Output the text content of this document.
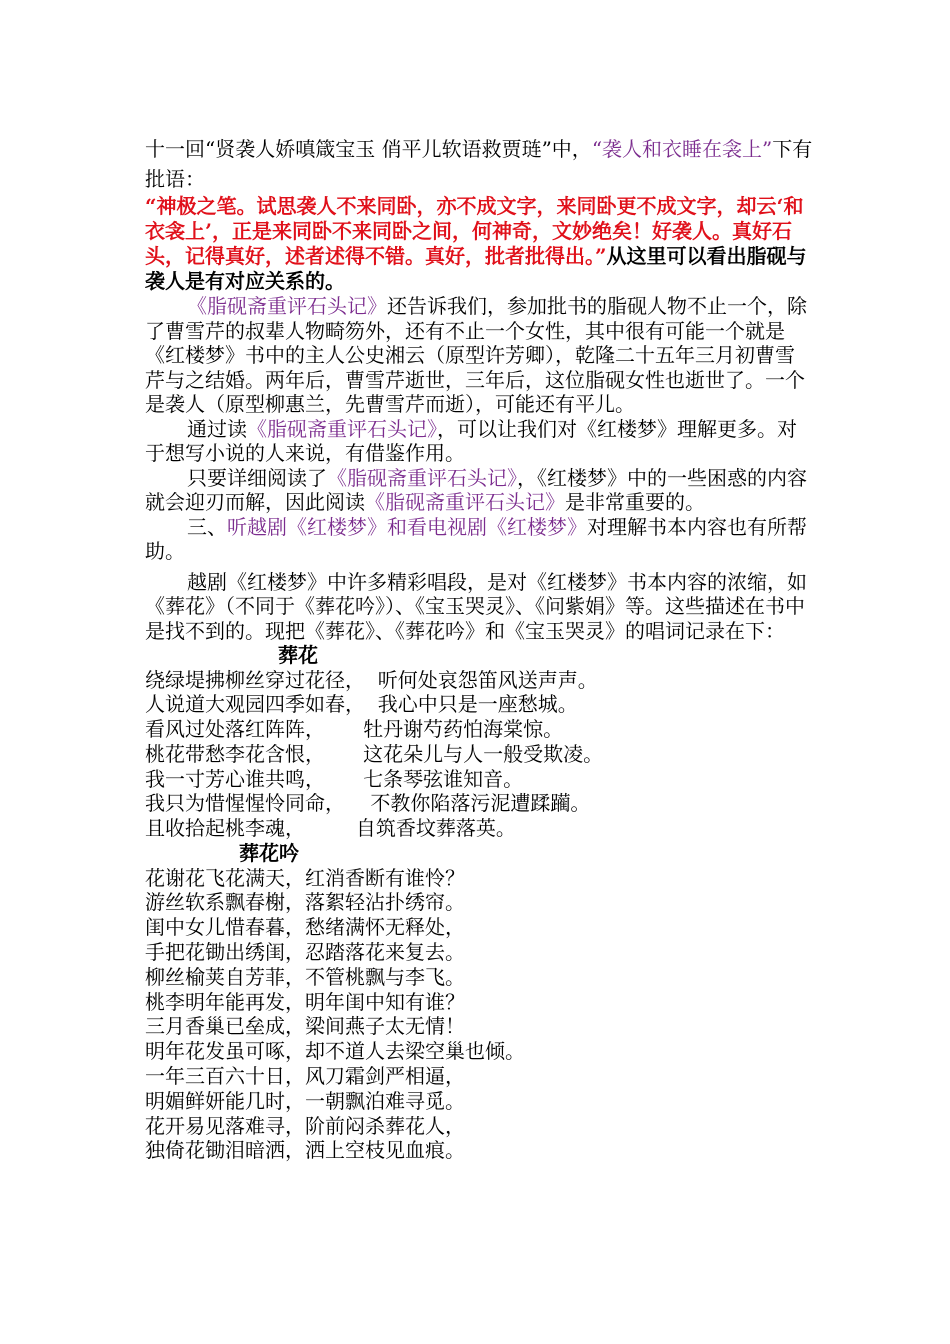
十一回“贤袭人娇嗔箴宝玉 俏平儿软语救贾琏”中，“袭人和衣睡在衾上”下有批语：

“神极之笔。试思袭人不来同卧，亦不成文字，来同卧更不成文字，却云‘和衣衾上’，正是来同卧不来同卧之间，何神奇，文妙绝矣！好袭人。真好石头，记得真好，述者述得不错。真好，批者批得出。”从这里可以看出脂砚与袭人是有对应关系的。

《脂砚斋重评石头记》还告诉我们，参加批书的脂砚人物不止一个，除了曹雪芹的叔辈人物畸笏外，还有不止一个女性，其中很有可能一个就是《红楼梦》书中的主人公史湘云（原型许芳卿），乾隆二十五年三月初曹雪芹与之结婚。两年后，曹雪芹逝世，三年后，这位脂砚女性也逝世了。一个是袭人（原型柳惠兰，先曹雪芹而逝），可能还有平儿。

通过读《脂砚斋重评石头记》，可以让我们对《红楼梦》理解更多。对于想写小说的人来说，有借鉴作用。

只要详细阅读了《脂砚斋重评石头记》，《红楼梦》中的一些困惑的内容就会迎刃而解，因此阅读《脂砚斋重评石头记》是非常重要的。

三、听越剧《红楼梦》和看电视剧《红楼梦》对理解书本内容也有所帮助。

越剧《红楼梦》中许多精彩唱段，是对《红楼梦》书本内容的浓缩，如《葬花》（不同于《葬花吟》）、《宝玉哭灵》、《问紫娟》等。这些描述在书中是找不到的。现把《葬花》、《葬花吟》和《宝玉哭灵》的唱词记录在下：

葬花

绕绿堤拂柳丝穿过花径，  听何处哀怨笛风送声声。

人说道大观园四季如春，  我心中只是一座愁城。

看风过处落红阵阵，      牡丹谢芍药怕海棠惊。

桃花带愁李花含恨，      这花朵儿与人一般受欺凌。

我一寸芳心谁共鸣，      七条琴弦谁知音。

我只为惜惺惺怜同命，    不教你陷落污泥遭蹂躏。

且收拾起桃李魂，        自筑香坟葬落英。

葬花吟

花谢花飞花满天，红消香断有谁怜？

游丝软系飘春榭，落絮轻沾扑绣帘。

闺中女儿惜春暮，愁绪满怀无释处，

手把花锄出绣闺，忍踏落花来复去。

柳丝榆荚自芳菲，不管桃飘与李飞。

桃李明年能再发，明年闺中知有谁？

三月香巢已垒成，梁间燕子太无情！

明年花发虽可啄，却不道人去梁空巢也倾。

一年三百六十日，风刀霜剑严相逼，

明媚鲜妍能几时，一朝飘泊难寻觅。

花开易见落难寻，阶前闷杀葬花人，

独倚花锄泪暗洒，洒上空枝见血痕。
